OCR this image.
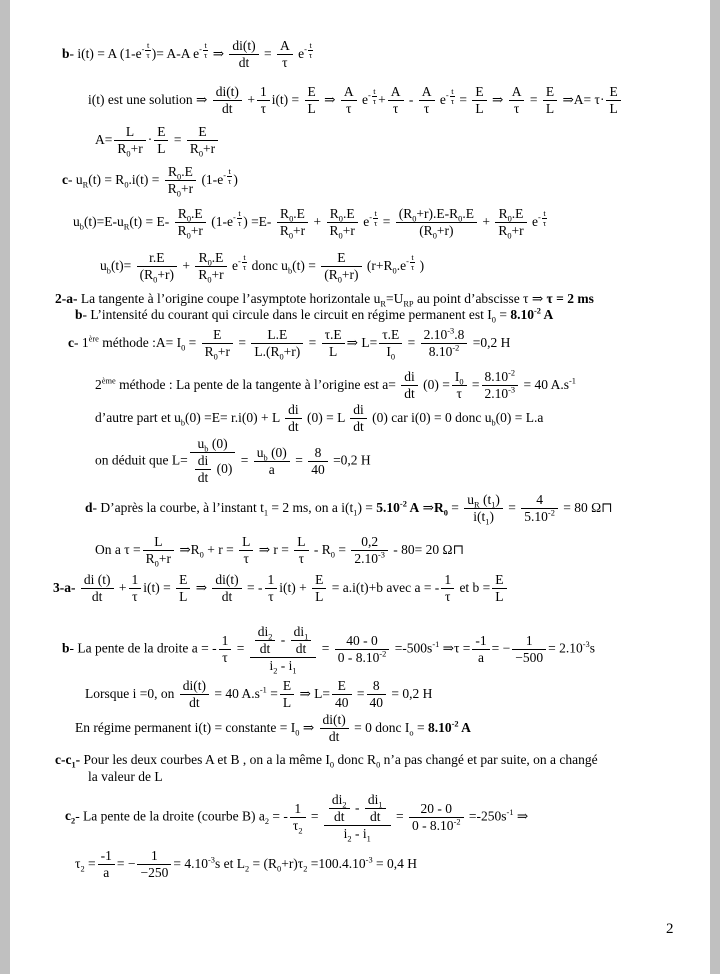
b- i(t) = A ($1-e^{- \frac{t}{\tau}}$ )= A-A $e^{- \frac{t}{\tau}}$ ⇒ $\frac{di(t)}{dt} = \frac{A}{\tau} e^{- \frac{t}{\tau}}$
i(t) est une solution ⇒ $\frac{di(t)}{dt} + \frac{1}{\tau} i(t) = \frac{E}{L}$ ⇒ $\frac{A}{\tau} e^{- \frac{t}{\tau}} + \frac{A}{\tau} - \frac{A}{\tau} e^{- \frac{t}{\tau}} = \frac{E}{L}$ ⇒ $\frac{A}{\tau} = \frac{E}{L}$ ⇒A= $\tau\cdot \frac{E}{L}$
$A= \frac{L}{R_0+r} \cdot \frac{E}{L} = \frac{E}{R_0+r}$
c- $u_R(t) = R_0.i(t) = \frac{R_0.E}{R_0+r} (1-e^{- \frac{t}{\tau}}$ )
$u_b(t)=E-u_R(t) = E- \frac{R_0.E}{R_0+r} (1-e^{- \frac{t}{\tau}}$ ) $=E- \frac{R_0.E}{R_0+r} + \frac{R_0.E}{R_0+r} e^{- \frac{t}{\tau}} = \frac{(R_0+r).E-R_0.E}{(R_0+r)} + \frac{R_0.E}{R_0+r} e^{- \frac{t}{\tau}}$
$u_b(t)= \frac{r.E}{(R_0+r)} + \frac{R_0.E}{R_0+r} e^{- \frac{t}{\tau}}$ donc $u_b(t) = \frac{E}{(R_0+r)} (r+R_0.e^{- \frac{t}{\tau}}$ )
2-a- La tangente à l’origine coupe l’asymptote horizontale $u_R=U_{RP}$ au point d’abscisse τ ⇒ τ = 2 ms
b- L’intensité du courant qui circule dans le circuit en régime permanent est $I_0 = 8.10^{-2}$ A
c- 1ère méthode :A= $I_0 = \frac{E}{R_0+r} = \frac{L.E}{L.(R_0+r)} = \frac{\tau.E}{L}$ ⇒ $L= \frac{\tau.E}{I_0} = \frac{2.10^{-3}.8}{8.10^{-2}} =0,2$ H
2ème méthode : La pente de la tangente à l’origine est $a= \frac{di}{dt} (0) = \frac{I_0}{\tau} = \frac{8.10^{-2}}{2.10^{-3}} = 40$ $A.s^{-1}$
d’autre part et $u_b(0) =E= r.i(0) + L \frac{di}{dt} (0) = L \frac{di}{dt} (0)$ car i(0) = 0 donc $u_b(0) = L.a$
on déduit que $L= \frac{u_b (0)}{\frac{di}{dt} (0)} = \frac{u_b (0)}{a} = \frac{8}{40} =0,2$ H
d- D’après la courbe, à l’instant $t_1 = 2$ ms, on a $i(t_1) = 5.10^{-2}$ A $\Rightarrow R_0 = \frac{u_R (t_1)}{i(t_1)} = \frac{4}{5.10^{-2}} = 80$ Ω⊓
On a $\tau = \frac{L}{R_0+r}$ $\Rightarrow R_0 + r = \frac{L}{\tau}$ ⇒ $r = \frac{L}{\tau} - R_0 = \frac{0,2}{2.10^{-3}} - 80= 20$ Ω⊓
$3-a- \frac{di (t)}{dt} + \frac{1}{\tau} i(t) = \frac{E}{L}$ ⇒ $\frac{di(t)}{dt}$ = - $\frac{1}{\tau} i(t) + \frac{E}{L} = a.i(t)+b$ avec a = - $\frac{1}{\tau}$ et $b = \frac{E}{L}$
b- La pente de la droite a = - $\frac{1}{\tau} = \frac{\frac{di_2}{dt} - \frac{di_1}{dt}}{i_2 - i_1} = \frac{40 - 0}{0 - 8.10^{-2}} =-500s^{-1}$ ⇒τ = $\frac{-1}{a}$ = − $\frac{1}{-500} = 2.10^{-3}s$
Lorsque i =0, on $\frac{di(t)}{dt} = 40$ $A.s^{-1} = \frac{E}{L}$ ⇒ $L= \frac{E}{40} = \frac{8}{40} = 0,2$ H
En régime permanent i(t) = constante = $I_0$ ⇒ $\frac{di(t)}{dt} = 0$ donc $I_o = 8.10^{-2}$ A
$c-c_1-$ Pour les deux courbes A et B , on a la même $I_0$ donc $R_0$ n’a pas changé et par suite, on a changé
la valeur de L
$c_2-$ La pente de la droite (courbe B) $a_2$ = - $\frac{1}{\tau_2} = \frac{\frac{di_2}{dt} - \frac{di_1}{dt}}{i_2 - i_1} = \frac{20 - 0}{0 - 8.10^{-2}} =-250s^{-1}$ ⇒
$\tau_2 = \frac{-1}{a}$ = − $\frac{1}{-250} = 4.10^{-3}s$ et $L_2 = (R_0+r)\tau_2 =100.4.10^{-3} = 0,4$ H
2
